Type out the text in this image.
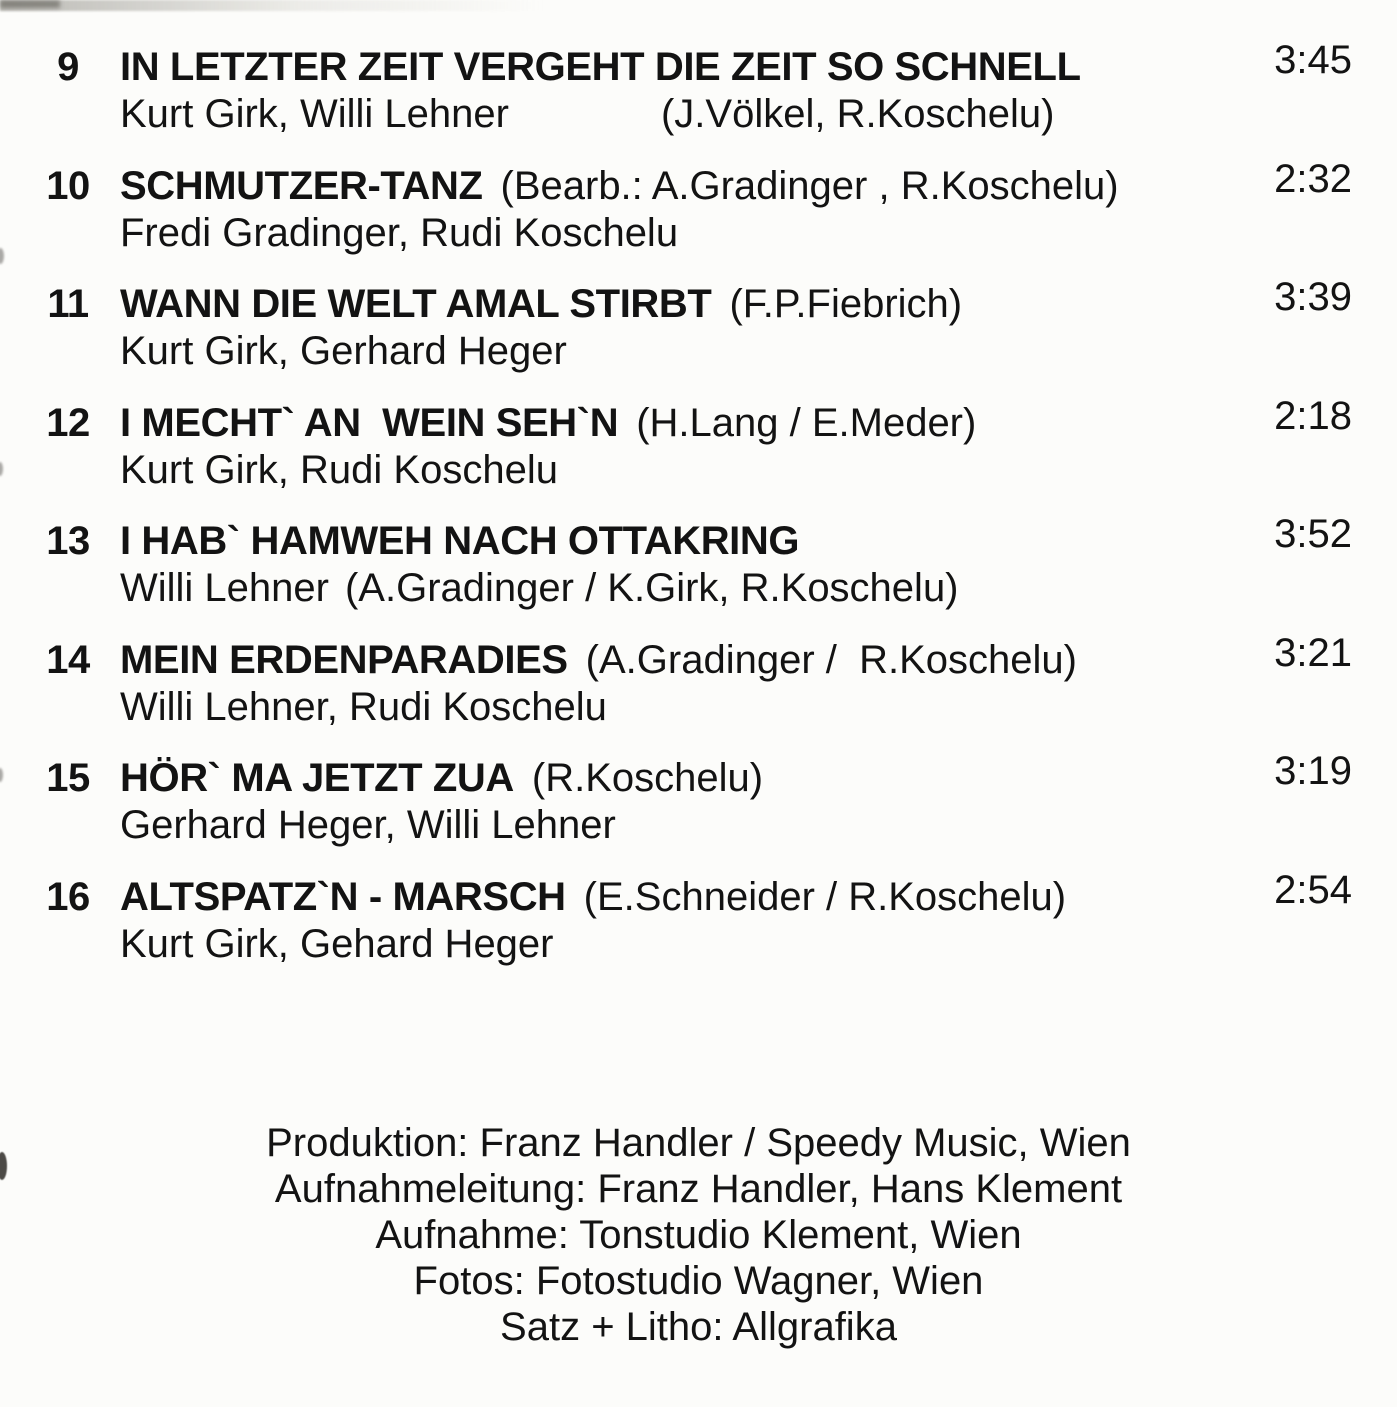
9	IN LETZTER ZEIT VERGEHT DIE ZEIT SO SCHNELL	3:45
Kurt Girk, Willi Lehner	(J.Völkel, R.Koschelu)
10 SCHMUTZER-TANZ (Bearb.: A.Gradinger , R.Koschelu)	2:32
Fredi Gradinger, Rudi Koschelu
11 WANN DIE WELT AMAL STIRBT (F.P.Fiebrich)	3:39
Kurt Girk, Gerhard Heger
12 I MECHT` AN  WEIN SEH`N (H.Lang / E.Meder)	2:18
Kurt Girk, Rudi Koschelu
13 I HAB` HAMWEH NACH OTTAKRING	3:52
Willi Lehner (A.Gradinger / K.Girk, R.Koschelu)
14 MEIN ERDENPARADIES (A.Gradinger /  R.Koschelu)	3:21
Willi Lehner, Rudi Koschelu
15 HÖR` MA JETZT ZUA (R.Koschelu)	3:19
Gerhard Heger, Willi Lehner
16 ALTSPATZ`N - MARSCH (E.Schneider / R.Koschelu)	2:54
Kurt Girk, Gehard Heger
Produktion: Franz Handler / Speedy Music, Wien
Aufnahmeleitung: Franz Handler, Hans Klement
Aufnahme: Tonstudio Klement, Wien
Fotos: Fotostudio Wagner, Wien
Satz + Litho: Allgrafika
